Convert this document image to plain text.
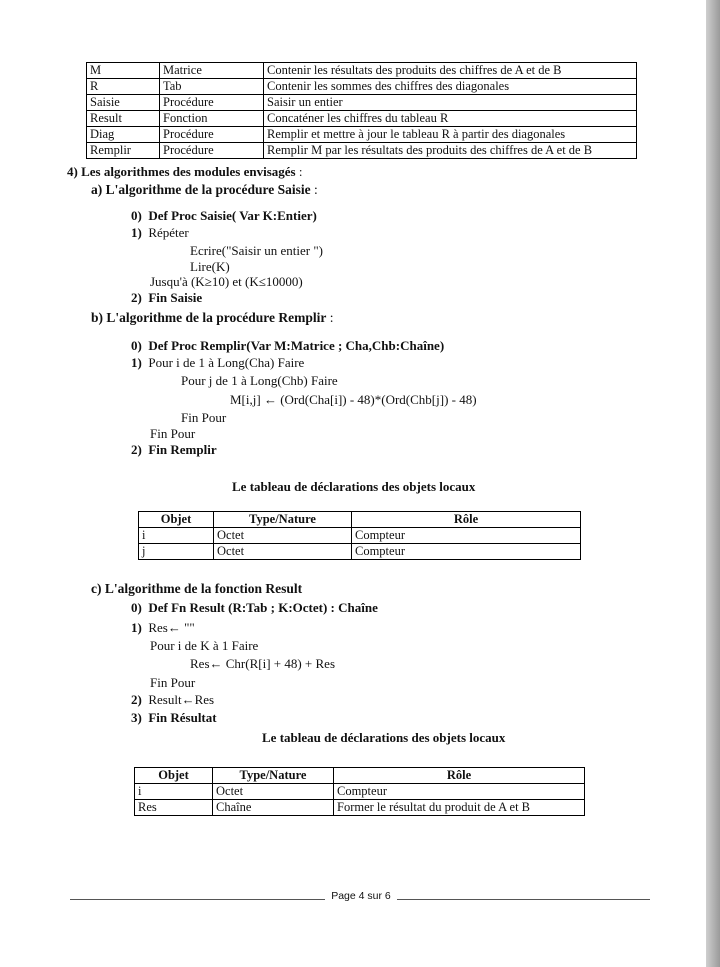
M	Matrice	Contenir les résultats des produits des chiffres de A et de B
R	Tab	Contenir les sommes des chiffres des diagonales
Saisie	Procédure	Saisir un entier
Result	Fonction	Concaténer les chiffres du tableau R
Diag	Procédure	Remplir et mettre à jour le tableau R à partir des diagonales
Remplir	Procédure	Remplir M par les résultats des produits des chiffres de A et de B
4) Les algorithmes des modules envisagés :
a) L'algorithme de la procédure Saisie :
0) Def Proc Saisie( Var K:Entier)
1) Répéter
Ecrire("Saisir un entier ")
Lire(K)
Jusqu'à (K≥10) et (K≤10000)
2) Fin Saisie
b) L'algorithme de la procédure Remplir :
0) Def Proc Remplir(Var M:Matrice ; Cha,Chb:Chaîne)
1) Pour i de 1 à Long(Cha) Faire
Pour j de 1 à Long(Chb) Faire
M[i,j] ← (Ord(Cha[i]) - 48)*(Ord(Chb[j]) - 48)
Fin Pour
Fin Pour
2) Fin Remplir
Le tableau de déclarations des objets locaux
Objet	Type/Nature	Rôle
i	Octet	Compteur
j	Octet	Compteur
c) L'algorithme de la fonction Result
0) Def Fn Result (R:Tab ; K:Octet) : Chaîne
1) Res← ""
Pour i de K à 1 Faire
Res← Chr(R[i] + 48) + Res
Fin Pour
2) Result←Res
3) Fin Résultat
Le tableau de déclarations des objets locaux
Objet	Type/Nature	Rôle
i	Octet	Compteur
Res	Chaîne	Former le résultat du produit de A et B
Page 4 sur 6
